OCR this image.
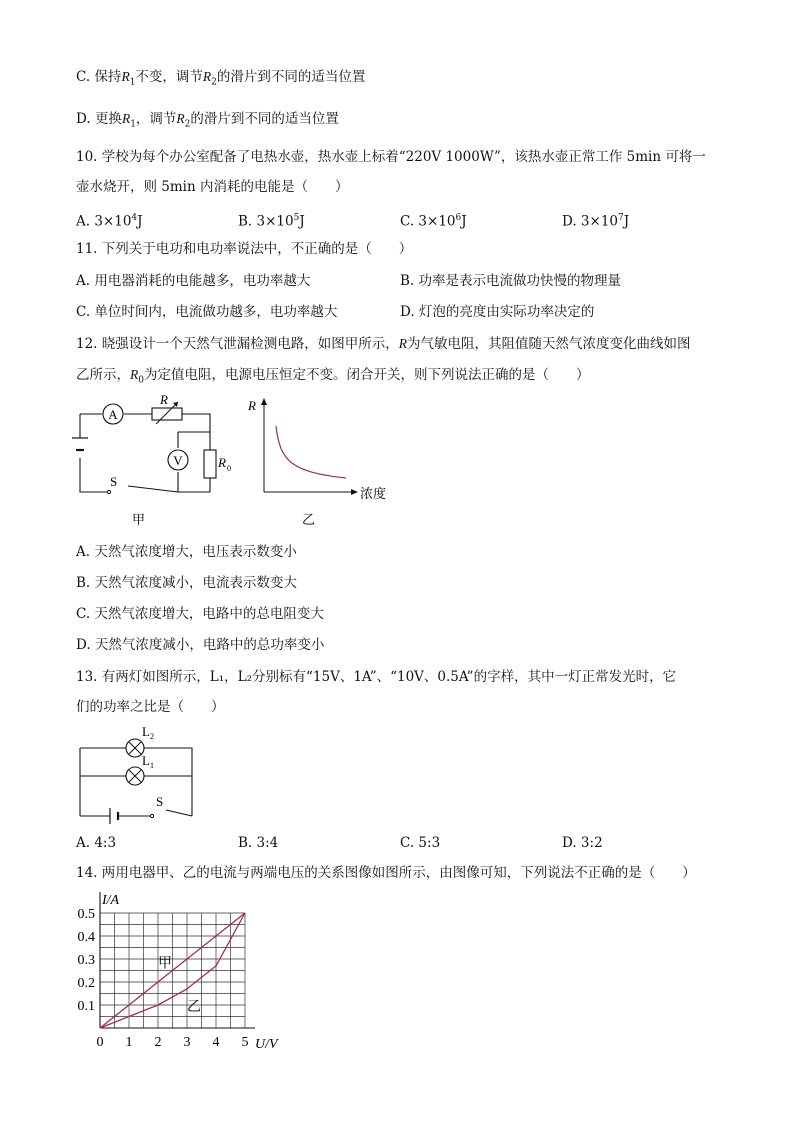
C. 保持$R_1$不变，调节$R_2$的滑片到不同的适当位置
D. 更换$R_1$，调节$R_2$的滑片到不同的适当位置
10. 学校为每个办公室配备了电热水壶，热水壶上标着“220V 1000W”，该热水壶正常工作 5min 可将一
壶水烧开，则 5min 内消耗的电能是（　　）
A. $3\times 10^4J$	B. $3\times 10^5J$	C. $3\times 10^6J$	D. $3\times 10^7J$
11. 下列关于电功和电功率说法中，不正确的是（　　）
A. 用电器消耗的电能越多，电功率越大	B. 功率是表示电流做功快慢的物理量
C. 单位时间内，电流做功越多，电功率越大	D. 灯泡的亮度由实际功率决定的
12. 晓强设计一个天然气泄漏检测电路，如图甲所示，R为气敏电阻，其阻值随天然气浓度变化曲线如图
乙所示，$R_0$为定值电阻，电源电压恒定不变。闭合开关，则下列说法正确的是（　　）
A
R
V	R 0
S
甲
R
浓度
乙
A. 天然气浓度增大，电压表示数变小
B. 天然气浓度减小，电流表示数变大
C. 天然气浓度增大，电路中的总电阻变大
D. 天然气浓度减小，电路中的总功率变小
13. 有两灯如图所示，L₁，L₂分别标有“15V、1A”、“10V、0.5A”的字样，其中一灯正常发光时，它
们的功率之比是（　　）
L 2
L 1
S
A. 4:3	B. 3:4	C. 5:3	D. 3:2
14. 两用电器甲、乙的电流与两端电压的关系图像如图所示，由图像可知，下列说法不正确的是（　　）
0 1 2 3 4 5
0.1
0.2
0.3
0.4
0.5
I/A
U/V
甲
乙
